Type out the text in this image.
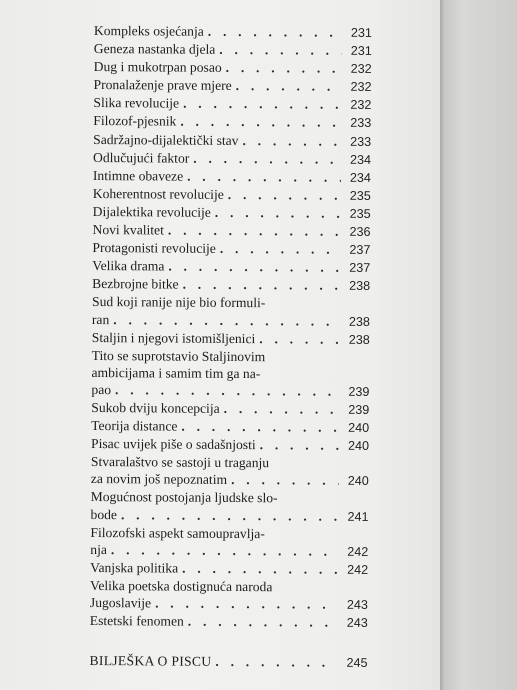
Kompleks osjećanja . . .	231
Geneza nastanka djela . . .	231
Dug i mukotrpan posao . . .	232
Pronalaženje prave mjere . . .	232
Slika revolucije . . .	232
Filozof-pjesnik . . .	233
Sadržajno-dijalektički stav . . .	233
Odlučujući faktor . . .	234
Intimne obaveze . . .	234
Koherentnost revolucije . . .	235
Dijalektika revolucije . . .	235
Novi kvalitet . . .	236
Protagonisti revolucije . . .	237
Velika drama . . .	237
Bezbrojne bitke . . .	238
Sud koji ranije nije bio formuli-
ran . . .	238
Staljin i njegovi istomišljenici . . .	238
Tito se suprotstavio Staljinovim
ambicijama i samim tim ga na-
pao . . .	239
Sukob dviju koncepcija . . .	239
Teorija distance . . .	240
Pisac uvijek piše o sadašnjosti . . .	240
Stvaralaštvo se sastoji u traganju
za novim još nepoznatim . . .	240
Mogućnost postojanja ljudske slo-
bode . . .	241
Filozofski aspekt samoupravlja-
nja . . .	242
Vanjska politika . . .	242
Velika poetska dostignuća naroda
Jugoslavije . . .	243
Estetski fenomen . . .	243
BILJEŠKA O PISCU . . .	245
